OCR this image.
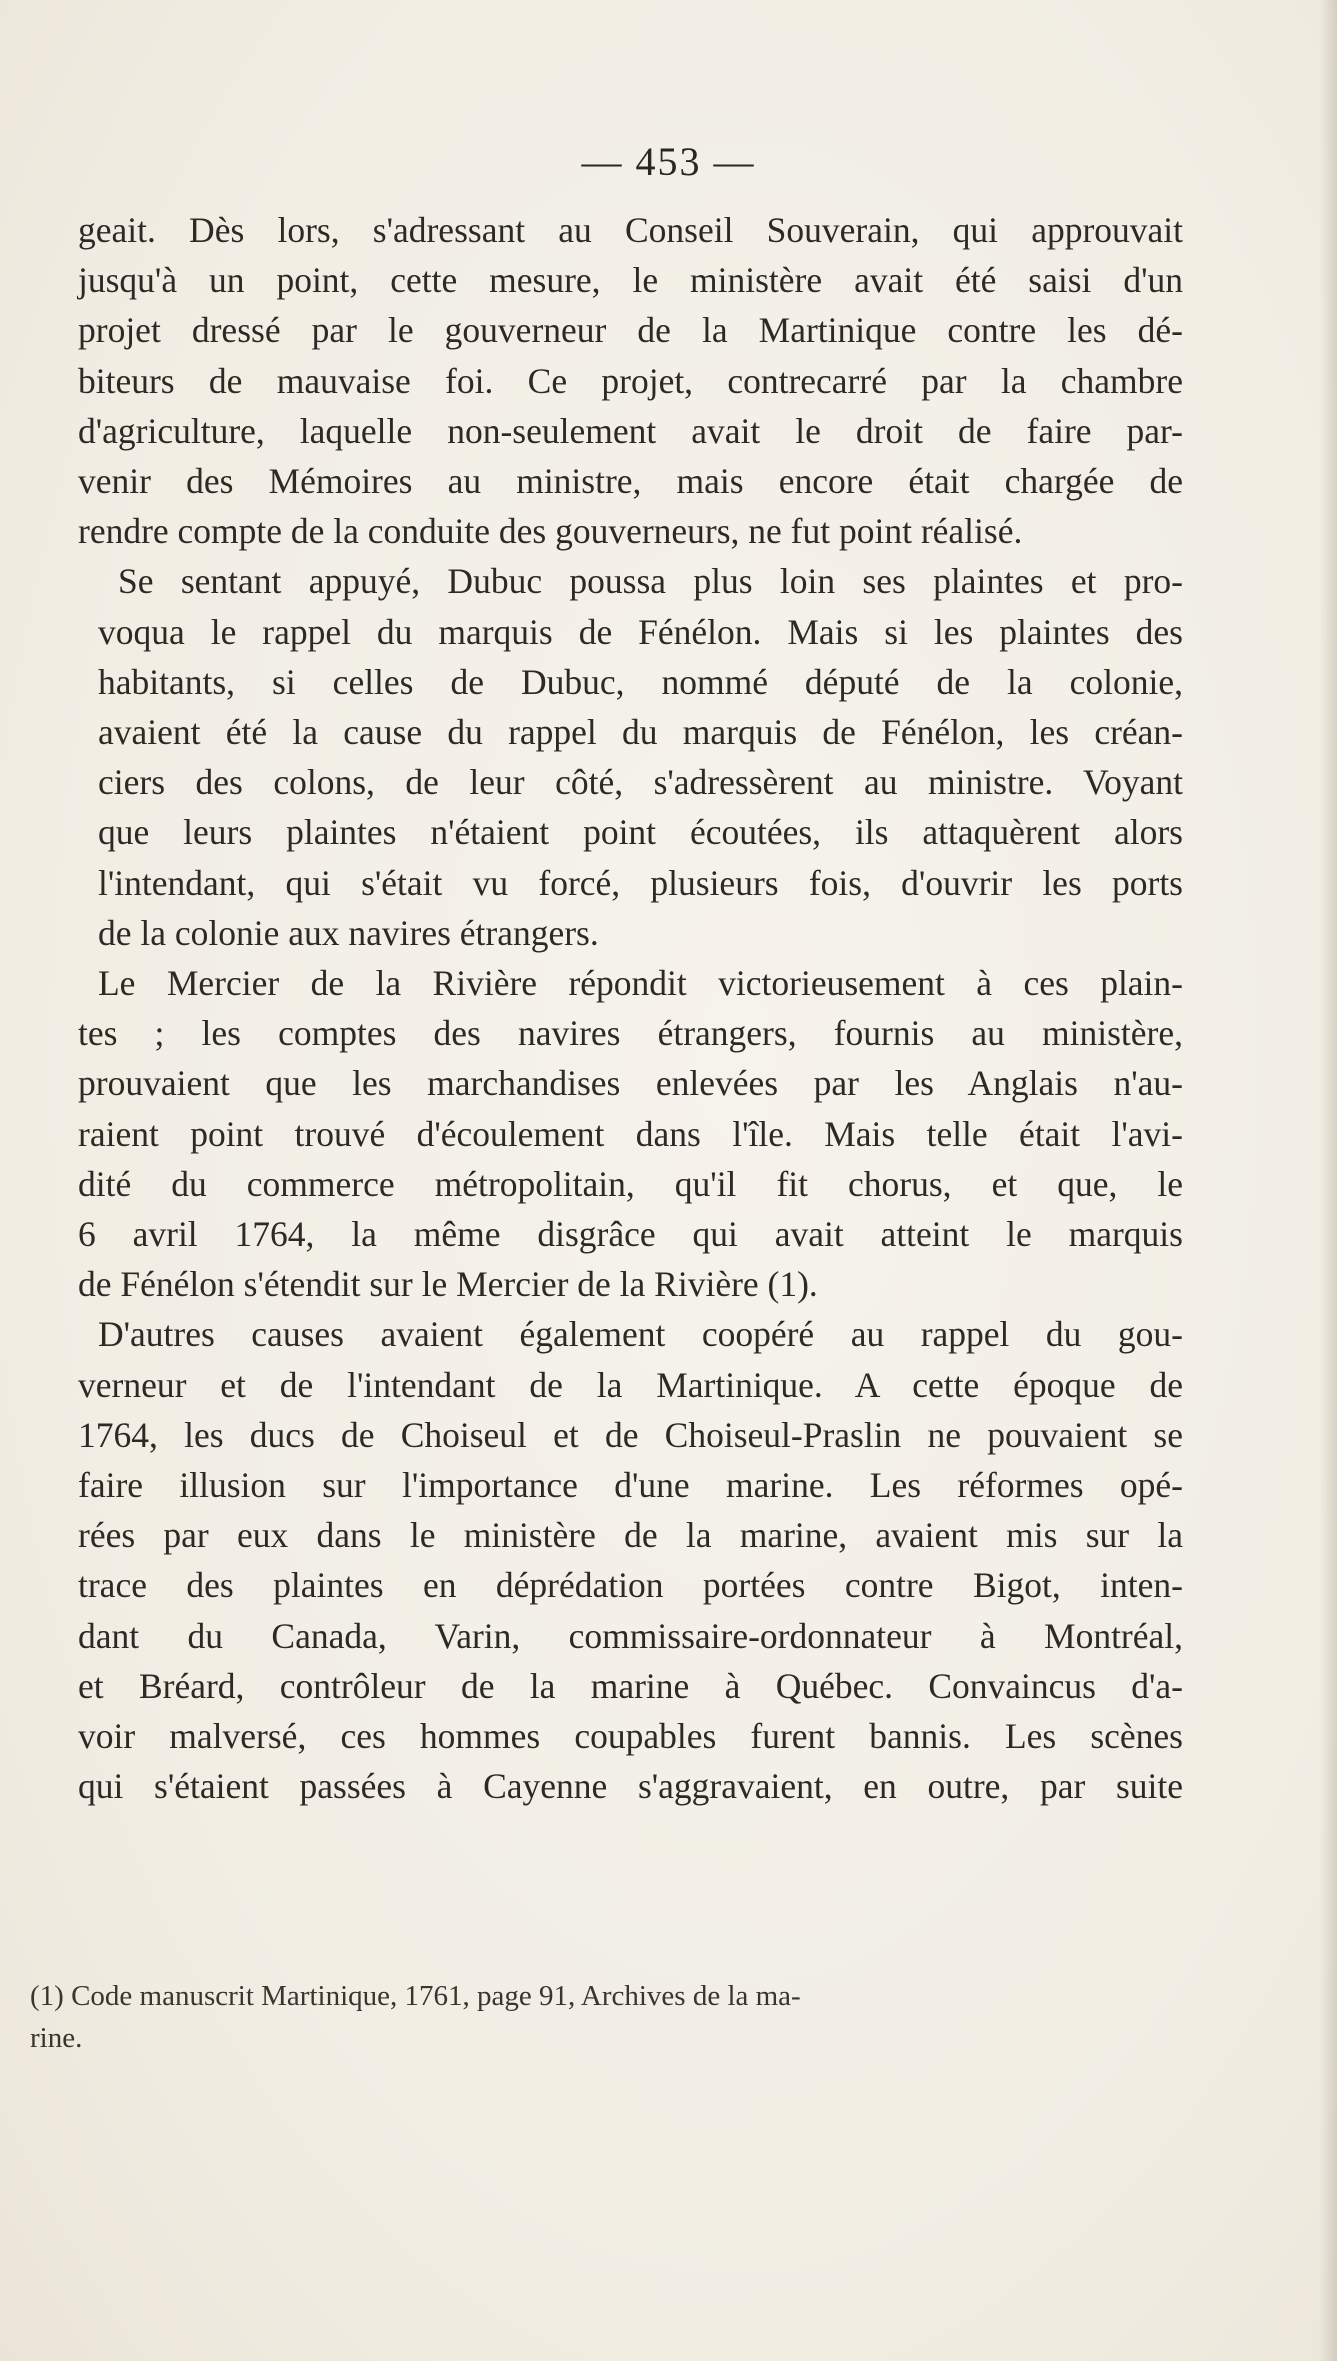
— 453 —

geait. Dès lors, s'adressant au Conseil Souverain, qui approuvait
jusqu'à un point, cette mesure, le ministère avait été saisi d'un
projet dressé par le gouverneur de la Martinique contre les dé-
biteurs de mauvaise foi. Ce projet, contrecarré par la chambre
d'agriculture, laquelle non-seulement avait le droit de faire par-
venir des Mémoires au ministre, mais encore était chargée de
rendre compte de la conduite des gouverneurs, ne fut point réalisé.

Se sentant appuyé, Dubuc poussa plus loin ses plaintes et pro-
voqua le rappel du marquis de Fénélon. Mais si les plaintes des
habitants, si celles de Dubuc, nommé député de la colonie,
avaient été la cause du rappel du marquis de Fénélon, les créan-
ciers des colons, de leur côté, s'adressèrent au ministre. Voyant
que leurs plaintes n'étaient point écoutées, ils attaquèrent alors
l'intendant, qui s'était vu forcé, plusieurs fois, d'ouvrir les ports
de la colonie aux navires étrangers.

Le Mercier de la Rivière répondit victorieusement à ces plain-
tes ; les comptes des navires étrangers, fournis au ministère,
prouvaient que les marchandises enlevées par les Anglais n'au-
raient point trouvé d'écoulement dans l'île. Mais telle était l'avi-
dité du commerce métropolitain, qu'il fit chorus, et que, le
6 avril 1764, la même disgrâce qui avait atteint le marquis
de Fénélon s'étendit sur le Mercier de la Rivière (1).

D'autres causes avaient également coopéré au rappel du gou-
verneur et de l'intendant de la Martinique. A cette époque de
1764, les ducs de Choiseul et de Choiseul-Praslin ne pouvaient se
faire illusion sur l'importance d'une marine. Les réformes opé-
rées par eux dans le ministère de la marine, avaient mis sur la
trace des plaintes en déprédation portées contre Bigot, inten-
dant du Canada, Varin, commissaire-ordonnateur à Montréal,
et Bréard, contrôleur de la marine à Québec. Convaincus d'a-
voir malversé, ces hommes coupables furent bannis. Les scènes
qui s'étaient passées à Cayenne s'aggravaient, en outre, par suite

(1) Code manuscrit Martinique, 1761, page 91, Archives de la ma-
rine.
